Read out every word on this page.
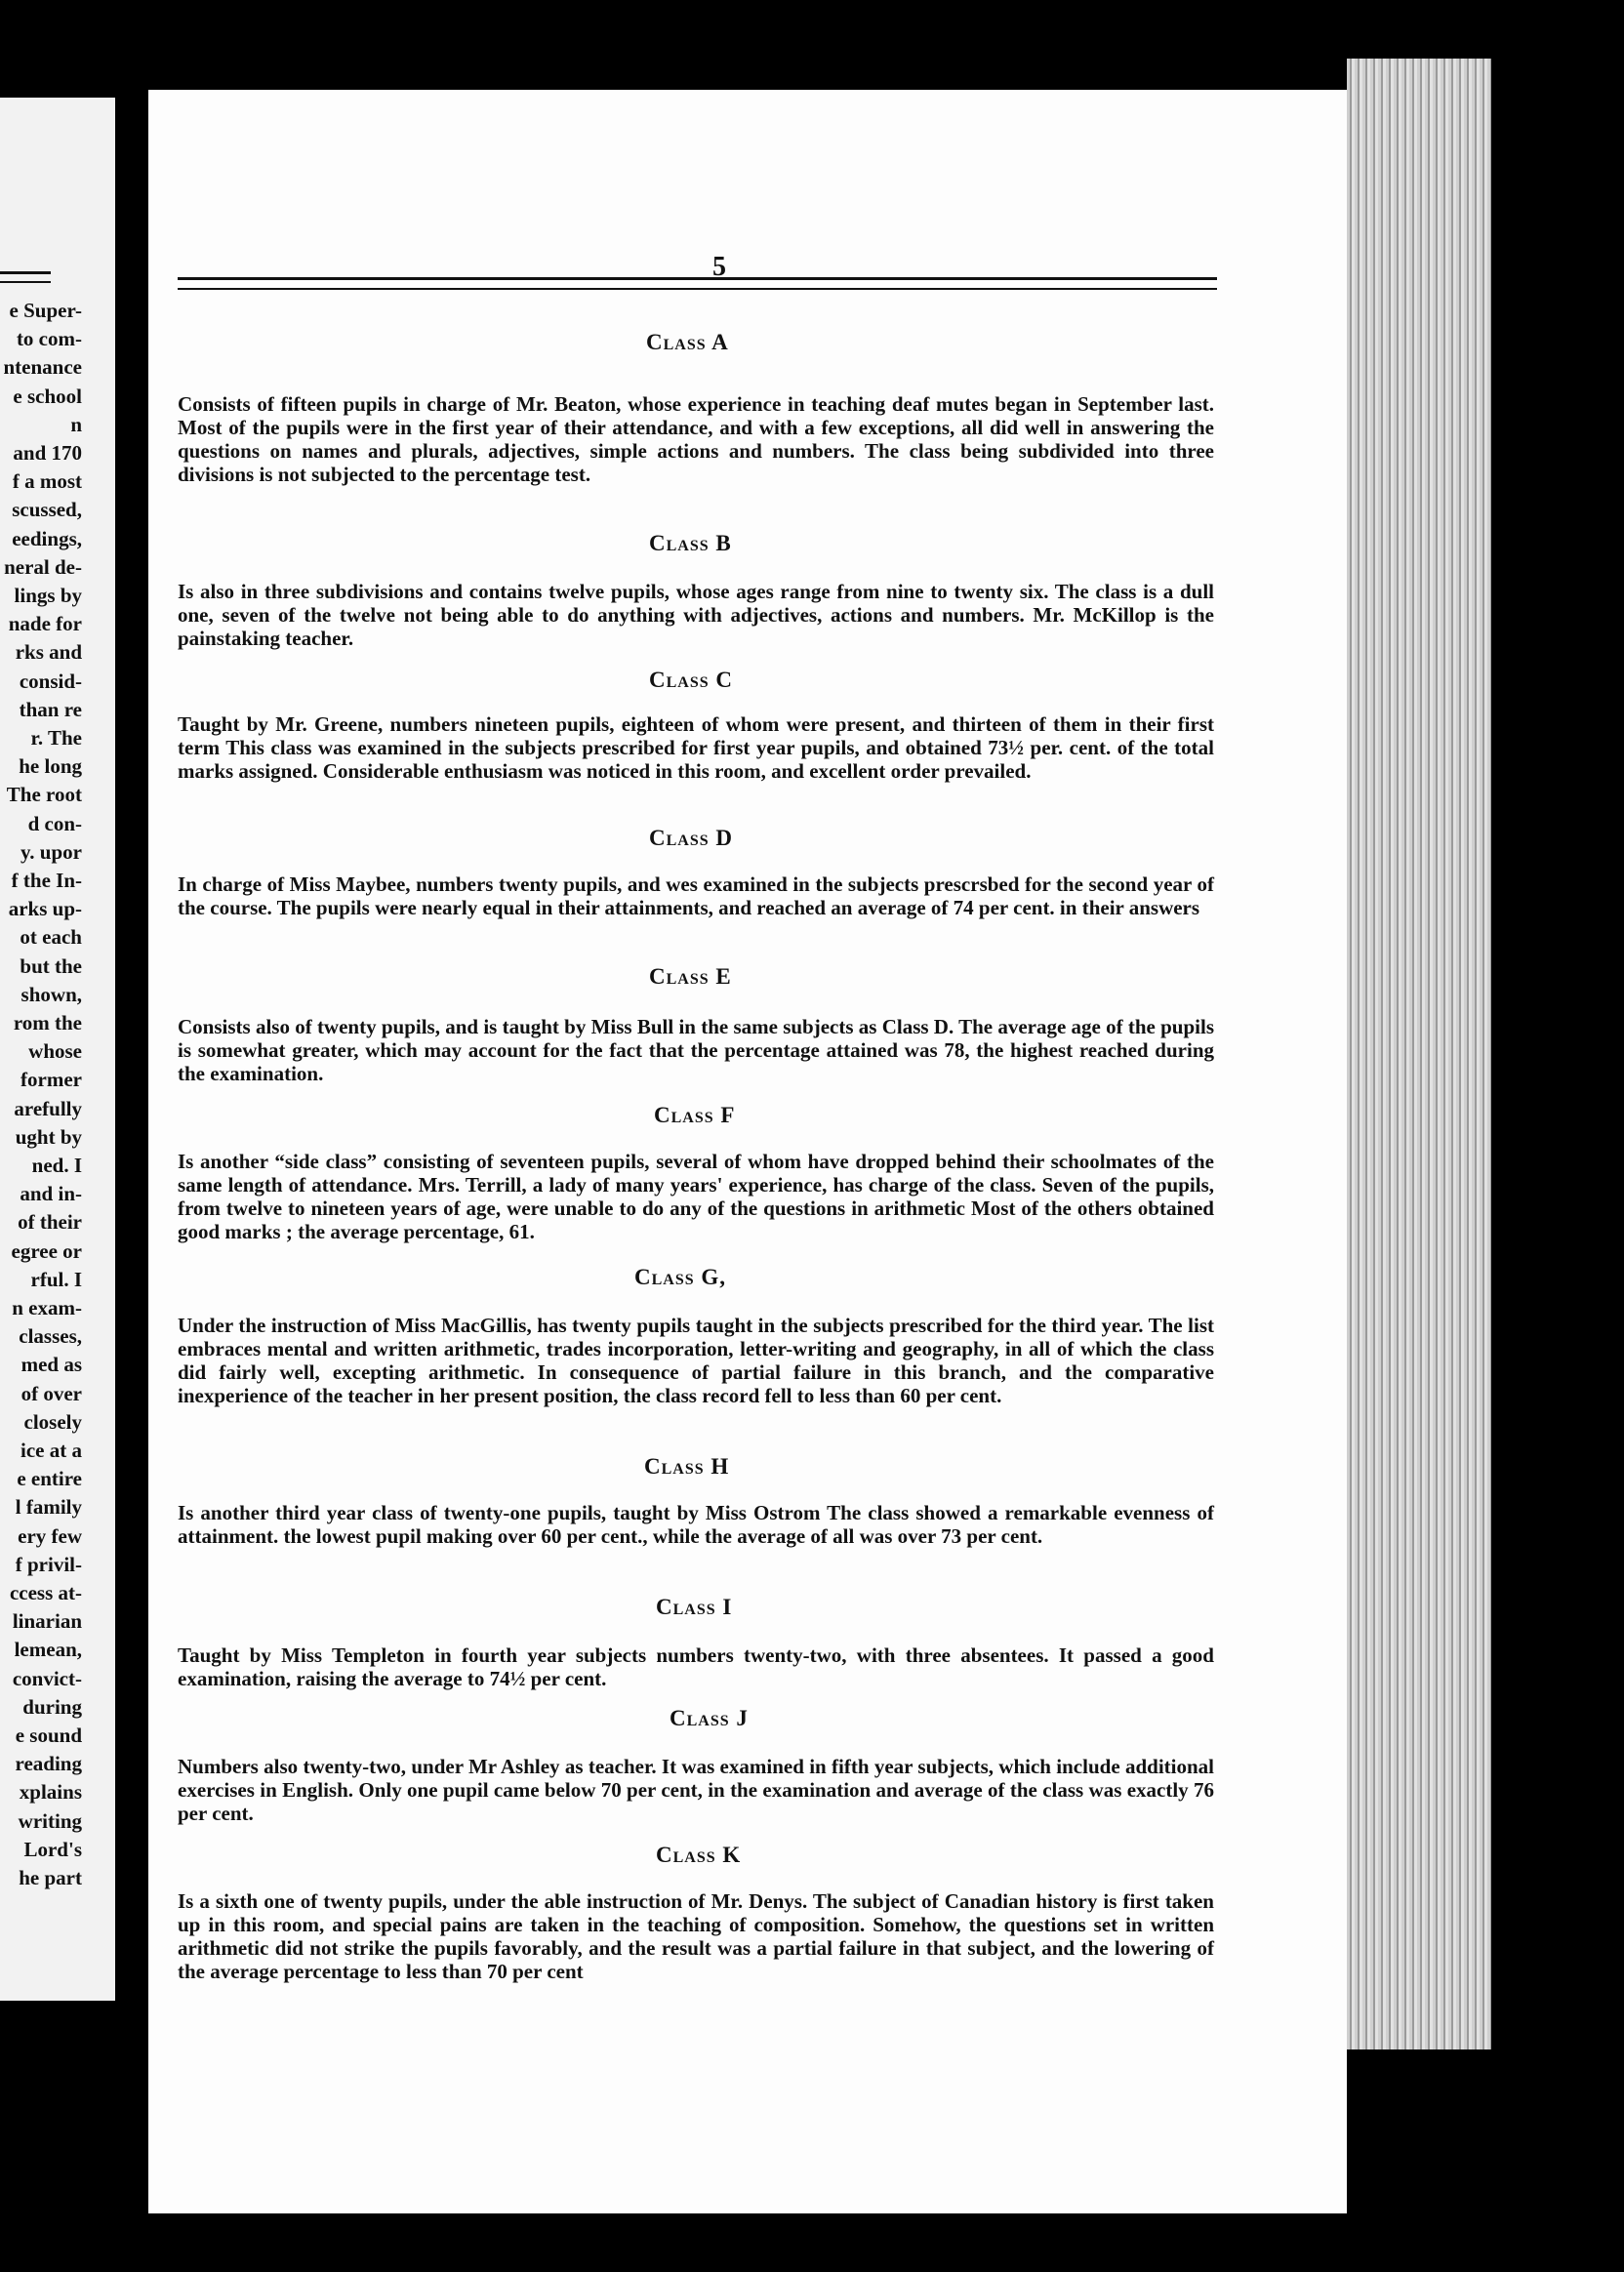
e Super-
to com-
ntenance
e school
n
and 170
f a most
scussed,
eedings,
neral de-
lings by
nade for
rks and
consid-
than re
r. The
he long
The root
d con-
y. upor
f the In-
arks up-
ot each
but the
shown,
rom the
whose
former
arefully
ught by
ned. I
and in-
of their
egree or
rful. I
n exam-
classes,
med as
of over
closely
ice at a
e entire
l family
ery few
f privil-
ccess at-
linarian
lemean,
convict-
during
e sound
reading
xplains
writing
Lord's
he part
5
Class A
Consists of fifteen pupils in charge of Mr. Beaton, whose experience in teaching deaf mutes began in September last. Most of the pupils were in the first year of their attendance, and with a few exceptions, all did well in answering the questions on names and plurals, adjectives, simple actions and numbers. The class being subdivided into three divisions is not subjected to the percentage test.
Class B
Is also in three subdivisions and contains twelve pupils, whose ages range from nine to twenty six. The class is a dull one, seven of the twelve not being able to do anything with adjectives, actions and numbers. Mr. McKillop is the painstaking teacher.
Class C
Taught by Mr. Greene, numbers nineteen pupils, eighteen of whom were present, and thirteen of them in their first term This class was examined in the subjects prescribed for first year pupils, and obtained 73½ per. cent. of the total marks assigned. Considerable enthusiasm was noticed in this room, and excellent order prevailed.
Class D
In charge of Miss Maybee, numbers twenty pupils, and wes examined in the subjects prescrsbed for the second year of the course. The pupils were nearly equal in their attainments, and reached an average of 74 per cent. in their answers
Class E
Consists also of twenty pupils, and is taught by Miss Bull in the same subjects as Class D. The average age of the pupils is somewhat greater, which may account for the fact that the percentage attained was 78, the highest reached during the examination.
Class F
Is another “side class” consisting of seventeen pupils, several of whom have dropped behind their schoolmates of the same length of attendance. Mrs. Terrill, a lady of many years' experience, has charge of the class. Seven of the pupils, from twelve to nineteen years of age, were unable to do any of the questions in arithmetic Most of the others obtained good marks ; the average percentage, 61.
Class G,
Under the instruction of Miss MacGillis, has twenty pupils taught in the subjects prescribed for the third year. The list embraces mental and written arithmetic, trades incorporation, letter-writing and geography, in all of which the class did fairly well, excepting arithmetic. In consequence of partial failure in this branch, and the comparative inexperience of the teacher in her present position, the class record fell to less than 60 per cent.
Class H
Is another third year class of twenty-one pupils, taught by Miss Ostrom The class showed a remarkable evenness of attainment. the lowest pupil making over 60 per cent., while the average of all was over 73 per cent.
Class I
Taught by Miss Templeton in fourth year subjects numbers twenty-two, with three absentees. It passed a good examination, raising the average to 74½ per cent.
Class J
Numbers also twenty-two, under Mr Ashley as teacher. It was examined in fifth year subjects, which include additional exercises in English. Only one pupil came below 70 per cent, in the examination and average of the class was exactly 76 per cent.
Class K
Is a sixth one of twenty pupils, under the able instruction of Mr. Denys. The subject of Canadian history is first taken up in this room, and special pains are taken in the teaching of composition. Somehow, the questions set in written arithmetic did not strike the pupils favorably, and the result was a partial failure in that subject, and the lowering of the average percentage to less than 70 per cent
